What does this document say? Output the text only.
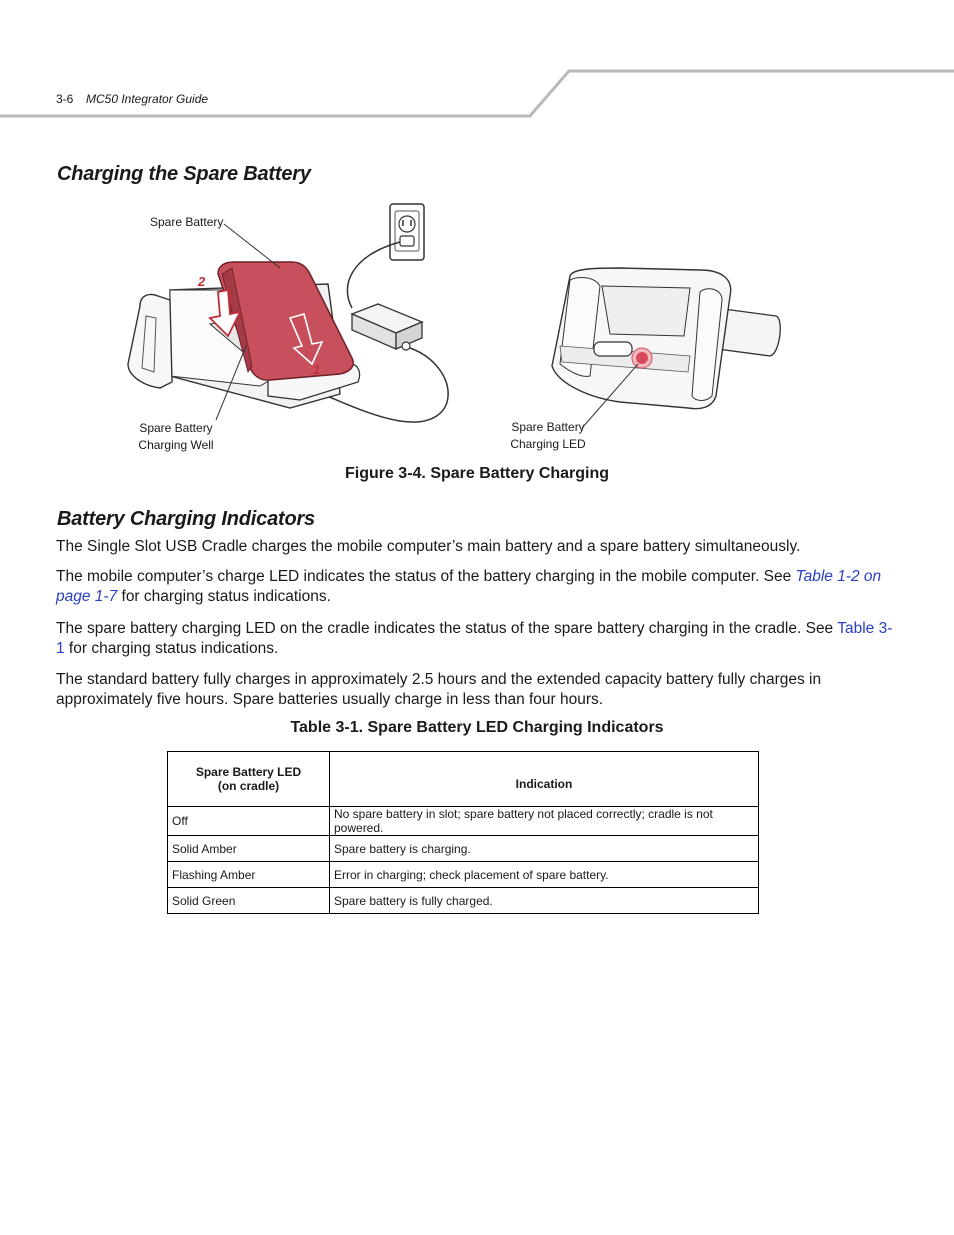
3-6 MC50 Integrator Guide
Charging the Spare Battery
Spare Battery
2
1
Spare Battery
Charging Well
Spare Battery
Charging LED
Figure 3-4. Spare Battery Charging
Battery Charging Indicators

The Single Slot USB Cradle charges the mobile computer’s main battery and a spare battery simultaneously.

The mobile computer’s charge LED indicates the status of the battery charging in the mobile computer. See Table 1-2 on page 1-7 for charging status indications.

The spare battery charging LED on the cradle indicates the status of the spare battery charging in the cradle. See Table 3-1 for charging status indications.

The standard battery fully charges in approximately 2.5 hours and the extended capacity battery fully charges in approximately five hours. Spare batteries usually charge in less than four hours.

Table 3-1. Spare Battery LED Charging Indicators
Spare Battery LED
(on cradle)	Indication
Off	No spare battery in slot; spare battery not placed correctly; cradle is not powered.
Solid Amber	Spare battery is charging.
Flashing Amber	Error in charging; check placement of spare battery.
Solid Green	Spare battery is fully charged.
